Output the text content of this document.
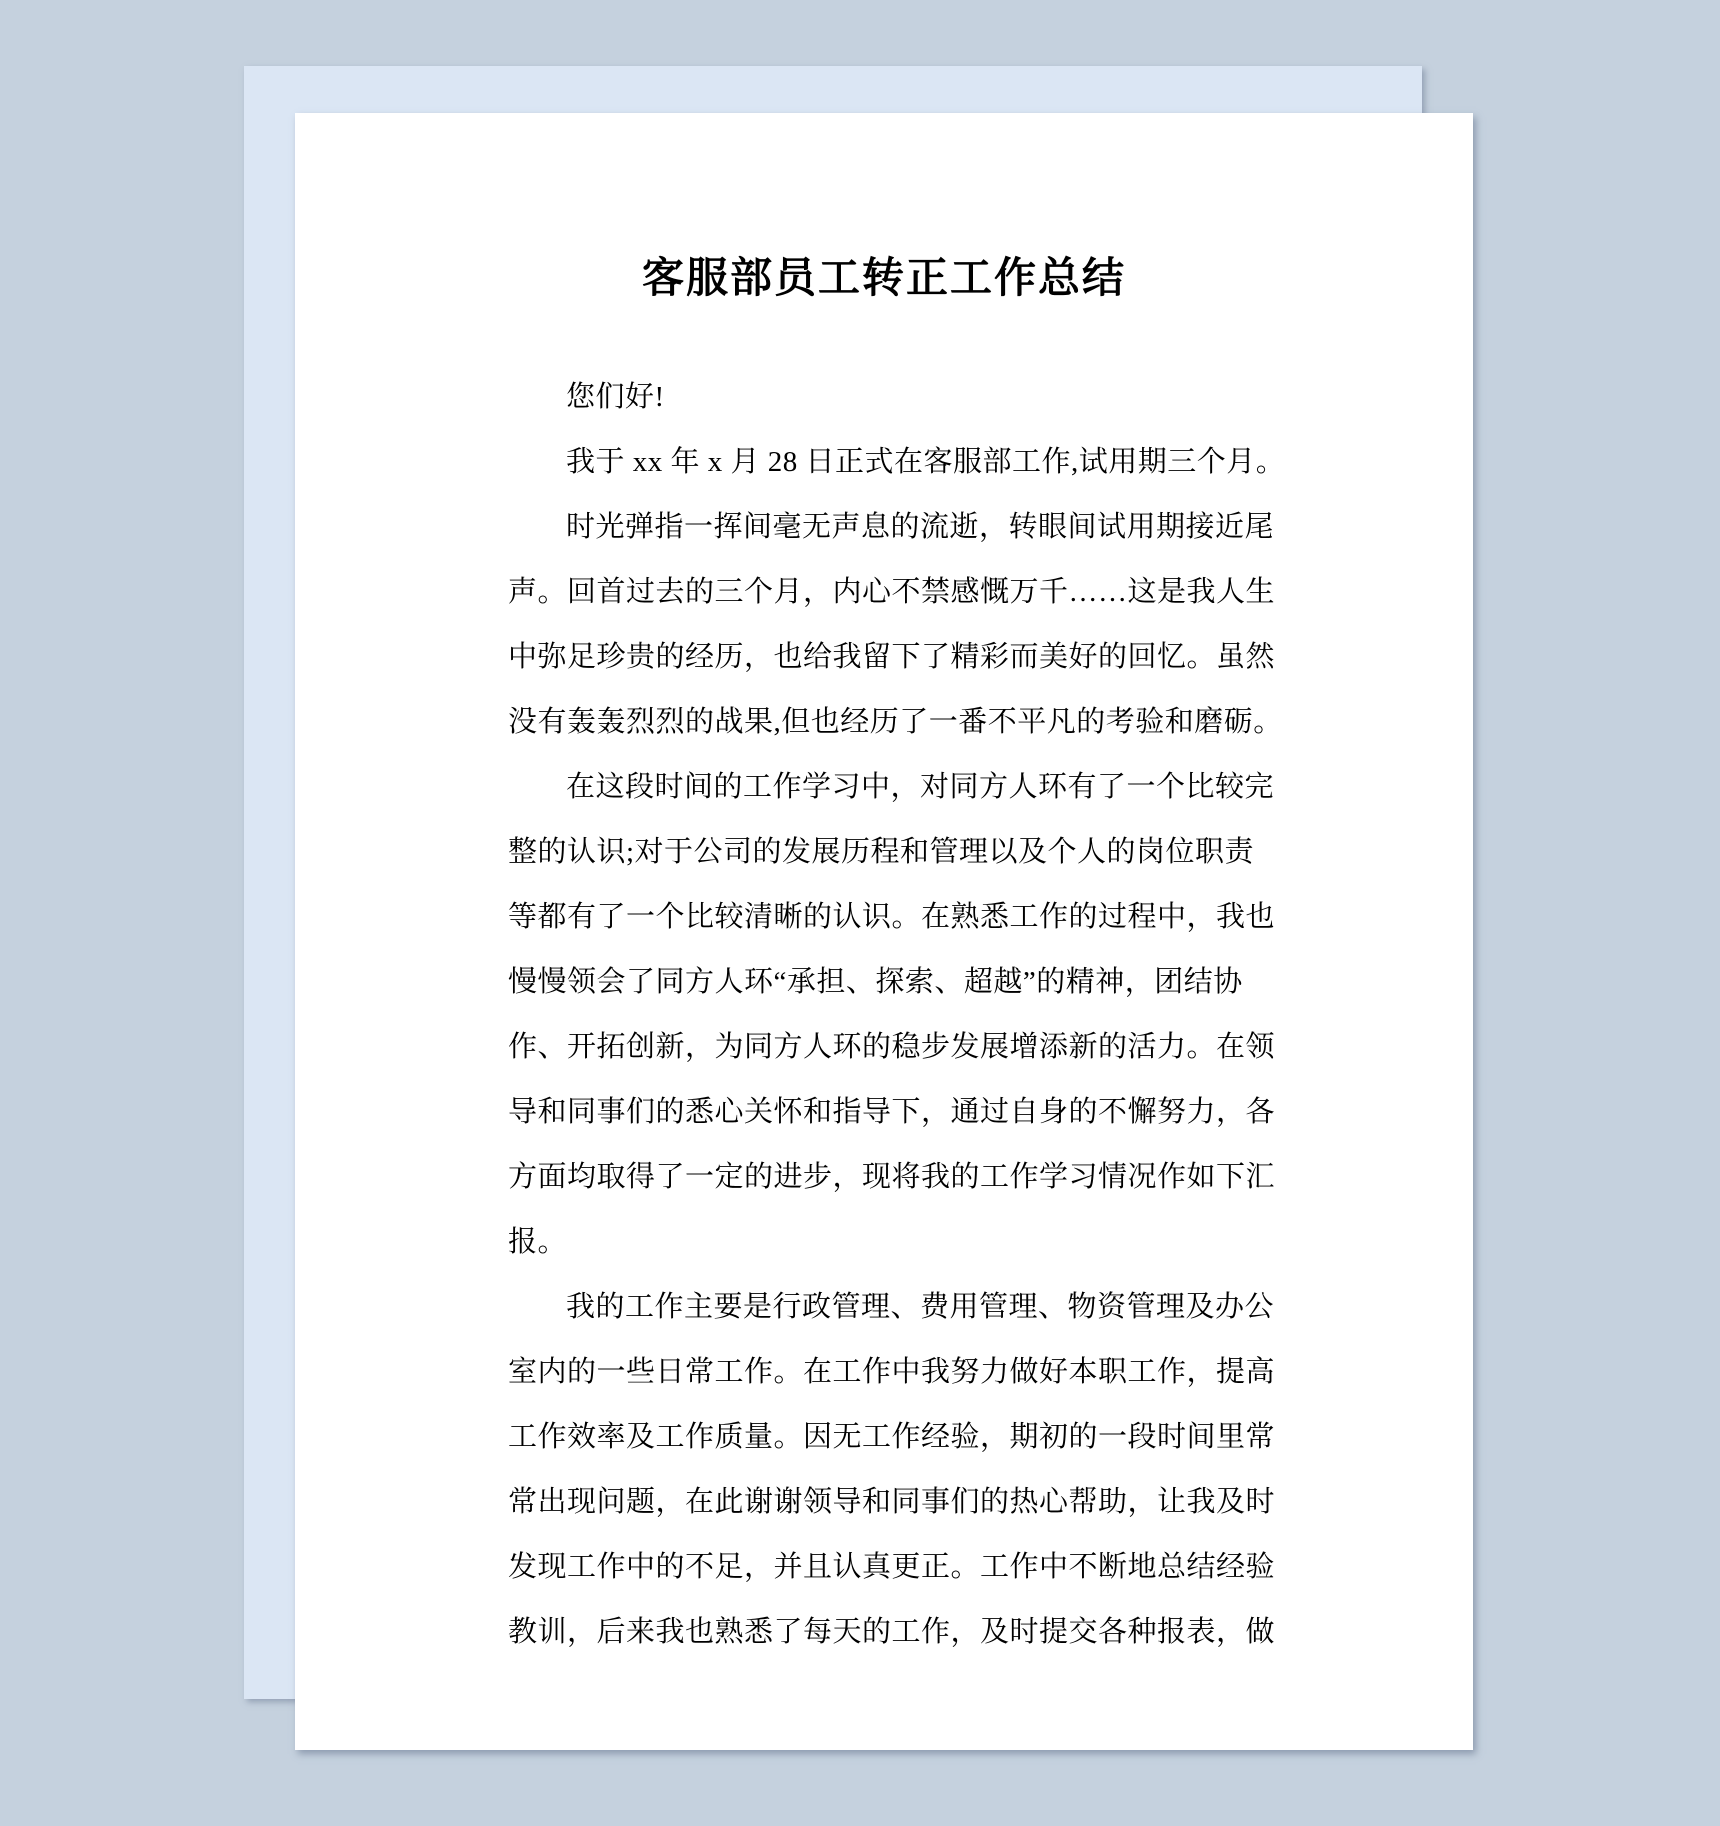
客服部员工转正工作总结
您们好!
我于 xx 年 x 月 28 日正式在客服部工作,试用期三个月。
时光弹指一挥间毫无声息的流逝，转眼间试用期接近尾
声。回首过去的三个月，内心不禁感慨万千……这是我人生
中弥足珍贵的经历，也给我留下了精彩而美好的回忆。虽然
没有轰轰烈烈的战果,但也经历了一番不平凡的考验和磨砺。
在这段时间的工作学习中，对同方人环有了一个比较完
整的认识;对于公司的发展历程和管理以及个人的岗位职责
等都有了一个比较清晰的认识。在熟悉工作的过程中，我也
慢慢领会了同方人环“承担、探索、超越”的精神，团结协
作、开拓创新，为同方人环的稳步发展增添新的活力。在领
导和同事们的悉心关怀和指导下，通过自身的不懈努力，各
方面均取得了一定的进步，现将我的工作学习情况作如下汇
报。
我的工作主要是行政管理、费用管理、物资管理及办公
室内的一些日常工作。在工作中我努力做好本职工作，提高
工作效率及工作质量。因无工作经验，期初的一段时间里常
常出现问题，在此谢谢领导和同事们的热心帮助，让我及时
发现工作中的不足，并且认真更正。工作中不断地总结经验
教训，后来我也熟悉了每天的工作，及时提交各种报表，做
